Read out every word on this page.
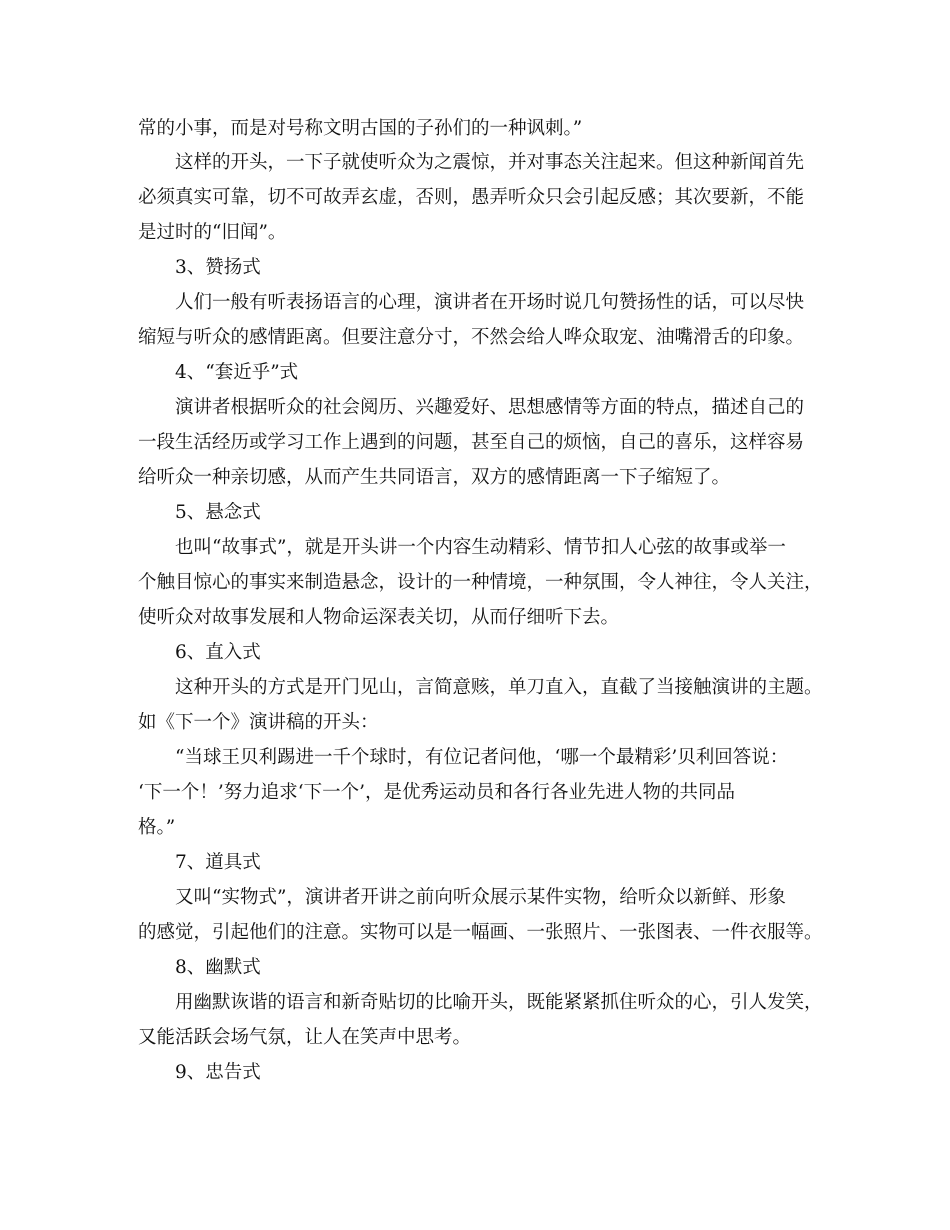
常的小事，而是对号称文明古国的子孙们的一种讽刺。”
这样的开头，一下子就使听众为之震惊，并对事态关注起来。但这种新闻首先
必须真实可靠，切不可故弄玄虚，否则，愚弄听众只会引起反感；其次要新，不能
是过时的“旧闻”。
3、赞扬式
人们一般有听表扬语言的心理，演讲者在开场时说几句赞扬性的话，可以尽快
缩短与听众的感情距离。但要注意分寸，不然会给人哗众取宠、油嘴滑舌的印象。
4、“套近乎”式
演讲者根据听众的社会阅历、兴趣爱好、思想感情等方面的特点，描述自己的
一段生活经历或学习工作上遇到的问题，甚至自己的烦恼，自己的喜乐，这样容易
给听众一种亲切感，从而产生共同语言，双方的感情距离一下子缩短了。
5、悬念式
也叫“故事式”，就是开头讲一个内容生动精彩、情节扣人心弦的故事或举一
个触目惊心的事实来制造悬念，设计的一种情境，一种氛围，令人神往，令人关注，
使听众对故事发展和人物命运深表关切，从而仔细听下去。
6、直入式
这种开头的方式是开门见山，言简意赅，单刀直入，直截了当接触演讲的主题。
如《下一个》演讲稿的开头：
“当球王贝利踢进一千个球时，有位记者问他，‘哪一个最精彩’贝利回答说：
‘下一个！’努力追求‘下一个’，是优秀运动员和各行各业先进人物的共同品
格。”
7、道具式
又叫“实物式”，演讲者开讲之前向听众展示某件实物，给听众以新鲜、形象
的感觉，引起他们的注意。实物可以是一幅画、一张照片、一张图表、一件衣服等。
8、幽默式
用幽默诙谐的语言和新奇贴切的比喻开头，既能紧紧抓住听众的心，引人发笑，
又能活跃会场气氛，让人在笑声中思考。
9、忠告式
